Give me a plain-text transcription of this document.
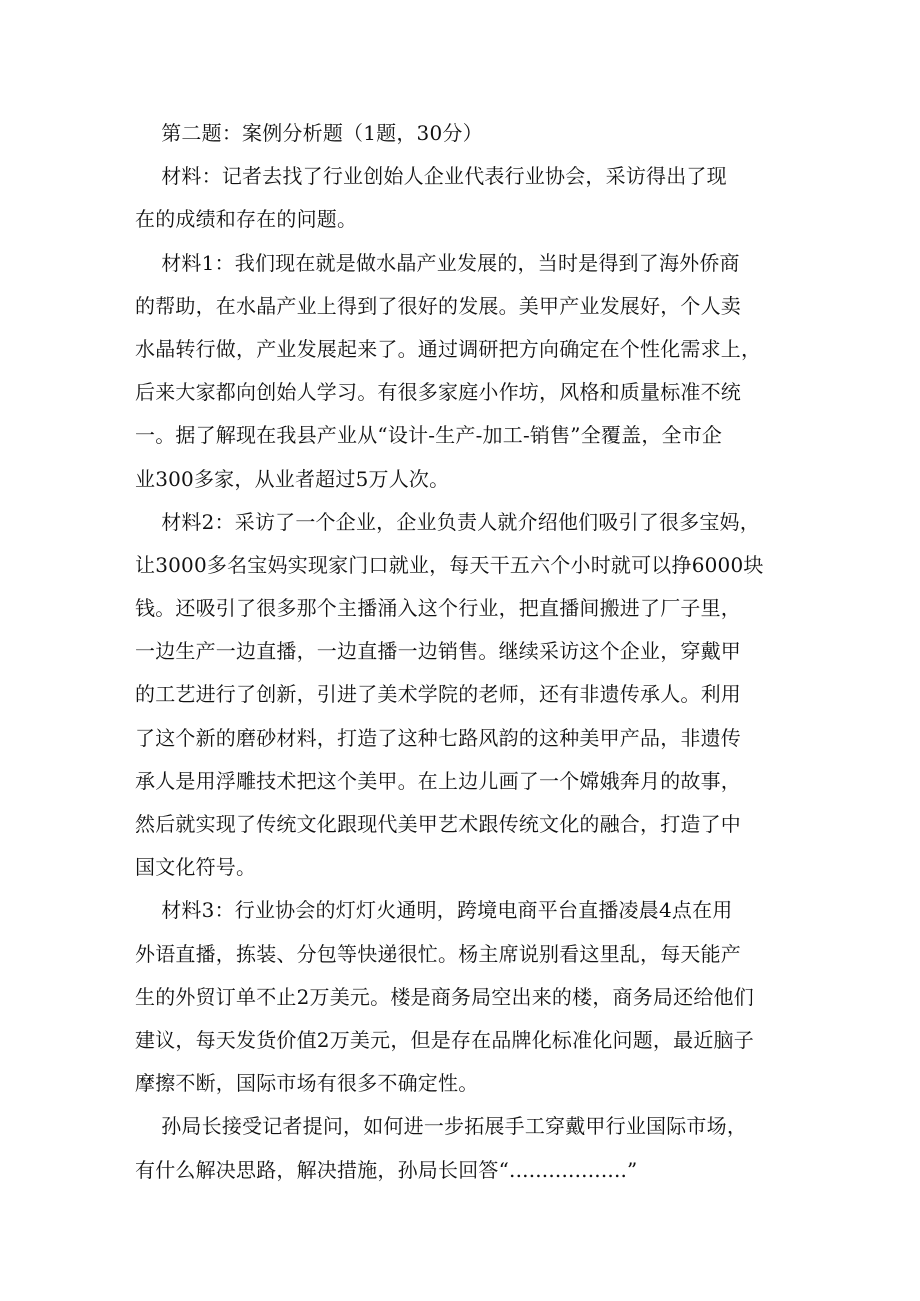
第二题：案例分析题（1题，30分）
材料：记者去找了行业创始人企业代表行业协会，采访得出了现
在的成绩和存在的问题。
材料1：我们现在就是做水晶产业发展的，当时是得到了海外侨商
的帮助，在水晶产业上得到了很好的发展。美甲产业发展好，个人卖
水晶转行做，产业发展起来了。通过调研把方向确定在个性化需求上，
后来大家都向创始人学习。有很多家庭小作坊，风格和质量标准不统
一。据了解现在我县产业从“设计-生产-加工-销售”全覆盖，全市企
业300多家，从业者超过5万人次。
材料2：采访了一个企业，企业负责人就介绍他们吸引了很多宝妈，
让3000多名宝妈实现家门口就业，每天干五六个小时就可以挣6000块
钱。还吸引了很多那个主播涌入这个行业，把直播间搬进了厂子里，
一边生产一边直播，一边直播一边销售。继续采访这个企业，穿戴甲
的工艺进行了创新，引进了美术学院的老师，还有非遗传承人。利用
了这个新的磨砂材料，打造了这种七路风韵的这种美甲产品，非遗传
承人是用浮雕技术把这个美甲。在上边儿画了一个嫦娥奔月的故事，
然后就实现了传统文化跟现代美甲艺术跟传统文化的融合，打造了中
国文化符号。
材料3：行业协会的灯灯火通明，跨境电商平台直播凌晨4点在用
外语直播，拣装、分包等快递很忙。杨主席说别看这里乱，每天能产
生的外贸订单不止2万美元。楼是商务局空出来的楼，商务局还给他们
建议，每天发货价值2万美元，但是存在品牌化标准化问题，最近脑子
摩擦不断，国际市场有很多不确定性。
孙局长接受记者提问，如何进一步拓展手工穿戴甲行业国际市场，
有什么解决思路，解决措施，孙局长回答“..................”
